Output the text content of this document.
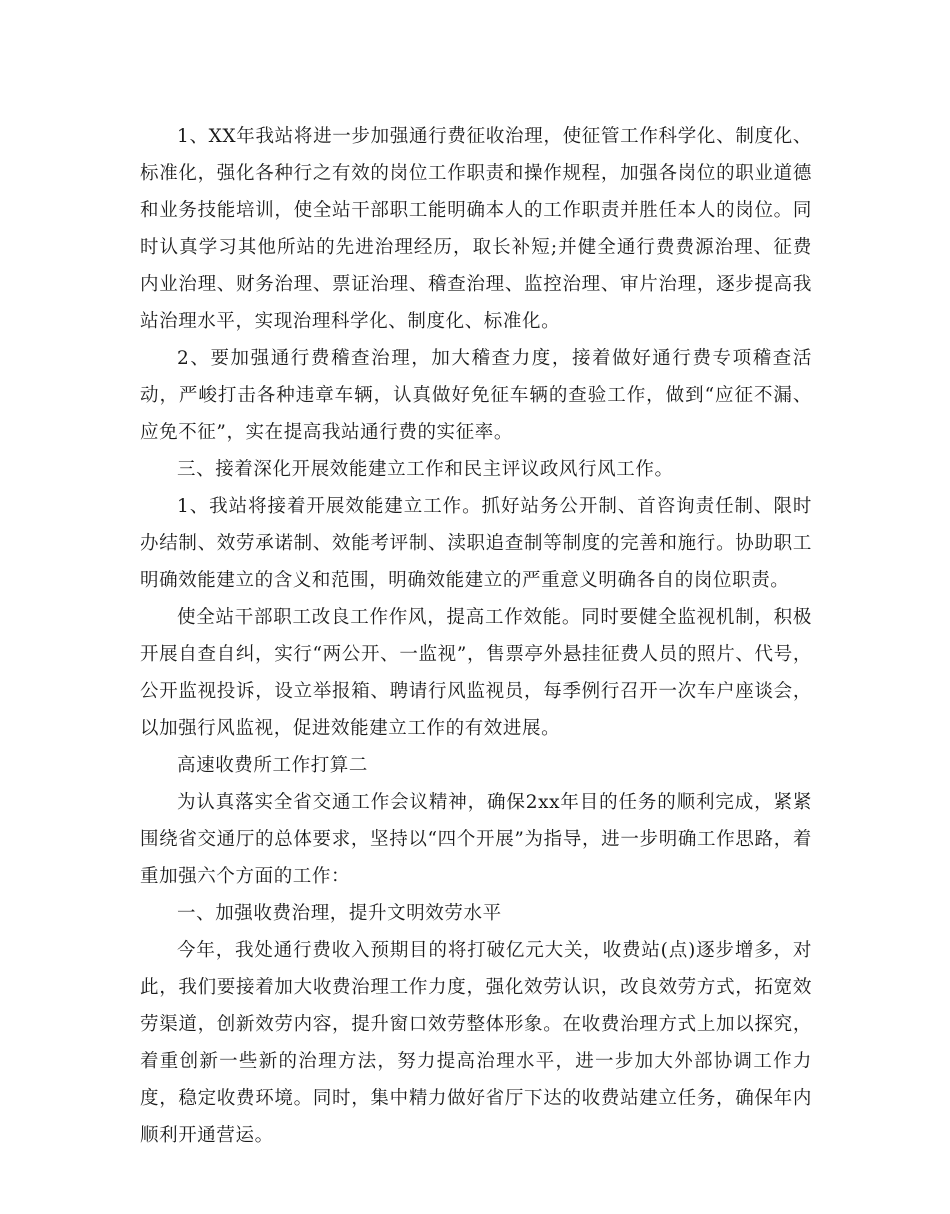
1、XX年我站将进一步加强通行费征收治理，使征管工作科学化、制度化、标准化，强化各种行之有效的岗位工作职责和操作规程，加强各岗位的职业道德和业务技能培训，使全站干部职工能明确本人的工作职责并胜任本人的岗位。同时认真学习其他所站的先进治理经历，取长补短;并健全通行费费源治理、征费内业治理、财务治理、票证治理、稽查治理、监控治理、审片治理，逐步提高我站治理水平，实现治理科学化、制度化、标准化。

2、要加强通行费稽查治理，加大稽查力度，接着做好通行费专项稽查活动，严峻打击各种违章车辆，认真做好免征车辆的查验工作，做到“应征不漏、应免不征”，实在提高我站通行费的实征率。

三、接着深化开展效能建立工作和民主评议政风行风工作。

1、我站将接着开展效能建立工作。抓好站务公开制、首咨询责任制、限时办结制、效劳承诺制、效能考评制、渎职追查制等制度的完善和施行。协助职工明确效能建立的含义和范围，明确效能建立的严重意义明确各自的岗位职责。

使全站干部职工改良工作作风，提高工作效能。同时要健全监视机制，积极开展自查自纠，实行“两公开、一监视”，售票亭外悬挂征费人员的照片、代号，公开监视投诉，设立举报箱、聘请行风监视员，每季例行召开一次车户座谈会，以加强行风监视，促进效能建立工作的有效进展。

高速收费所工作打算二

为认真落实全省交通工作会议精神，确保2xx年目的任务的顺利完成，紧紧围绕省交通厅的总体要求，坚持以“四个开展”为指导，进一步明确工作思路，着重加强六个方面的工作：

一、加强收费治理，提升文明效劳水平

今年，我处通行费收入预期目的将打破亿元大关，收费站(点)逐步增多，对此，我们要接着加大收费治理工作力度，强化效劳认识，改良效劳方式，拓宽效劳渠道，创新效劳内容，提升窗口效劳整体形象。在收费治理方式上加以探究，着重创新一些新的治理方法，努力提高治理水平，进一步加大外部协调工作力度，稳定收费环境。同时，集中精力做好省厅下达的收费站建立任务，确保年内顺利开通营运。
